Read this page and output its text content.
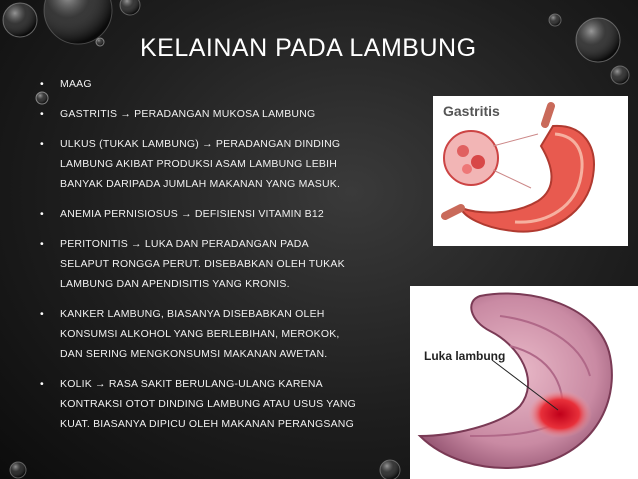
KELAINAN PADA LAMBUNG
• MAAG
• GASTRITIS → PERADANGAN MUKOSA LAMBUNG
• ULKUS (TUKAK LAMBUNG) → PERADANGAN DINDING LAMBUNG AKIBAT PRODUKSI ASAM LAMBUNG LEBIH BANYAK DARIPADA JUMLAH MAKANAN YANG MASUK.
• ANEMIA PERNISIOSUS → DEFISIENSI VITAMIN B12
• PERITONITIS → LUKA DAN PERADANGAN PADA SELAPUT RONGGA PERUT. DISEBABKAN OLEH TUKAK LAMBUNG DAN APENDISITIS YANG KRONIS.
• KANKER LAMBUNG, BIASANYA DISEBABKAN OLEH KONSUMSI ALKOHOL YANG BERLEBIHAN, MEROKOK, DAN SERING MENGKONSUMSI MAKANAN AWETAN.
• KOLIK → RASA SAKIT BERULANG-ULANG KARENA KONTRAKSI OTOT DINDING LAMBUNG ATAU USUS YANG KUAT. BIASANYA DIPICU OLEH MAKANAN PERANGSANG
Gastritis
Luka lambung
